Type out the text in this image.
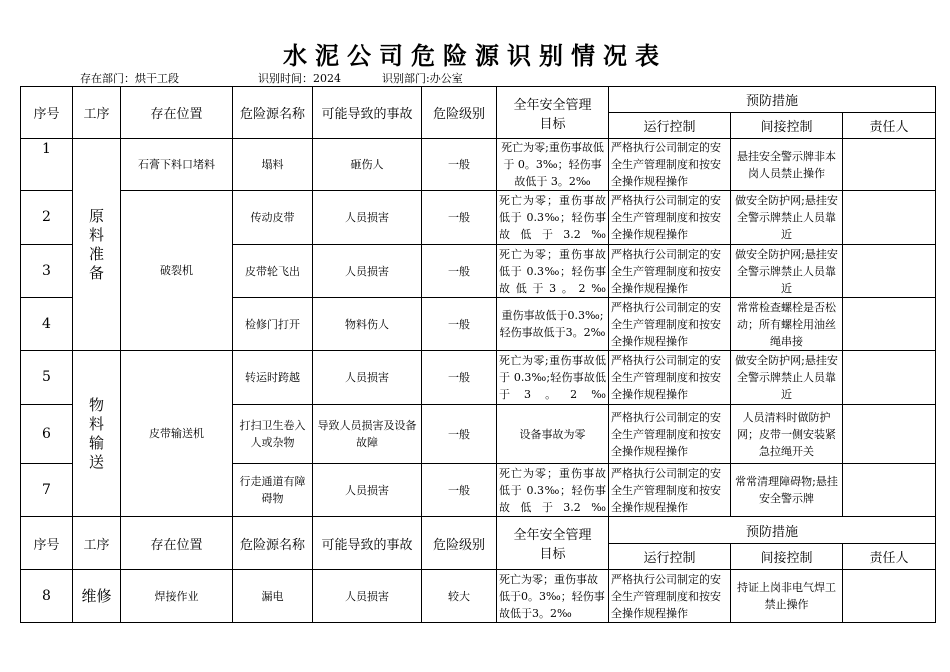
水泥公司危险源识别情况表
存在部门：烘干工段	识别时间：2024	识别部门:办公室
序号	工序	存在位置	危险源名称	可能导致的事故	危险级别	全年安全管理目标	预防措施		
							运行控制	间接控制	责任人
1	原料准备	石膏下料口堵料	塌料	砸伤人	一般	死亡为零;重伤事故低于 0。3‰；轻伤事故低于 3。2‰	严格执行公司制定的安全生产管理制度和按安全操作规程操作	悬挂安全警示牌非本岗人员禁止操作	
2		破裂机	传动皮带	人员损害	一般	死亡为零；重伤事故低于 0.3‰；轻伤事故低于3.2‰	严格执行公司制定的安全生产管理制度和按安全操作规程操作	做安全防护网;悬挂安全警示牌禁止人员靠近	
3			皮带轮飞出	人员损害	一般	死亡为零；重伤事故低于 0.3‰；轻伤事故低于3。2‰	严格执行公司制定的安全生产管理制度和按安全操作规程操作	做安全防护网;悬挂安全警示牌禁止人员靠近	
4			检修门打开	物料伤人	一般	重伤事故低于0.3‰;轻伤事故低于3。2‰	严格执行公司制定的安全生产管理制度和按安全操作规程操作	常常检查螺栓是否松动；所有螺栓用油丝绳串接	
5	物料输送	皮带输送机	转运时跨越	人员损害	一般	死亡为零;重伤事故低于 0.3‰;轻伤事故低于3。2‰	严格执行公司制定的安全生产管理制度和按安全操作规程操作	做安全防护网;悬挂安全警示牌禁止人员靠近	
6			打扫卫生卷入人或杂物	导致人员损害及设备故障	一般	设备事故为零	严格执行公司制定的安全生产管理制度和按安全操作规程操作	人员清料时做防护网；皮带一侧安装紧急拉绳开关	
7			行走通道有障碍物	人员损害	一般	死亡为零；重伤事故低于 0.3‰；轻伤事故低于3.2‰	严格执行公司制定的安全生产管理制度和按安全操作规程操作	常常清理障碍物;悬挂安全警示牌	
序号	工序	存在位置	危险源名称	可能导致的事故	危险级别	全年安全管理目标	预防措施		
							运行控制	间接控制	责任人
8	维修	焊接作业	漏电	人员损害	较大	死亡为零；重伤事故低于0。3‰；轻伤事故低于3。2‰	严格执行公司制定的安全生产管理制度和按安全操作规程操作	持证上岗非电气焊工禁止操作	
